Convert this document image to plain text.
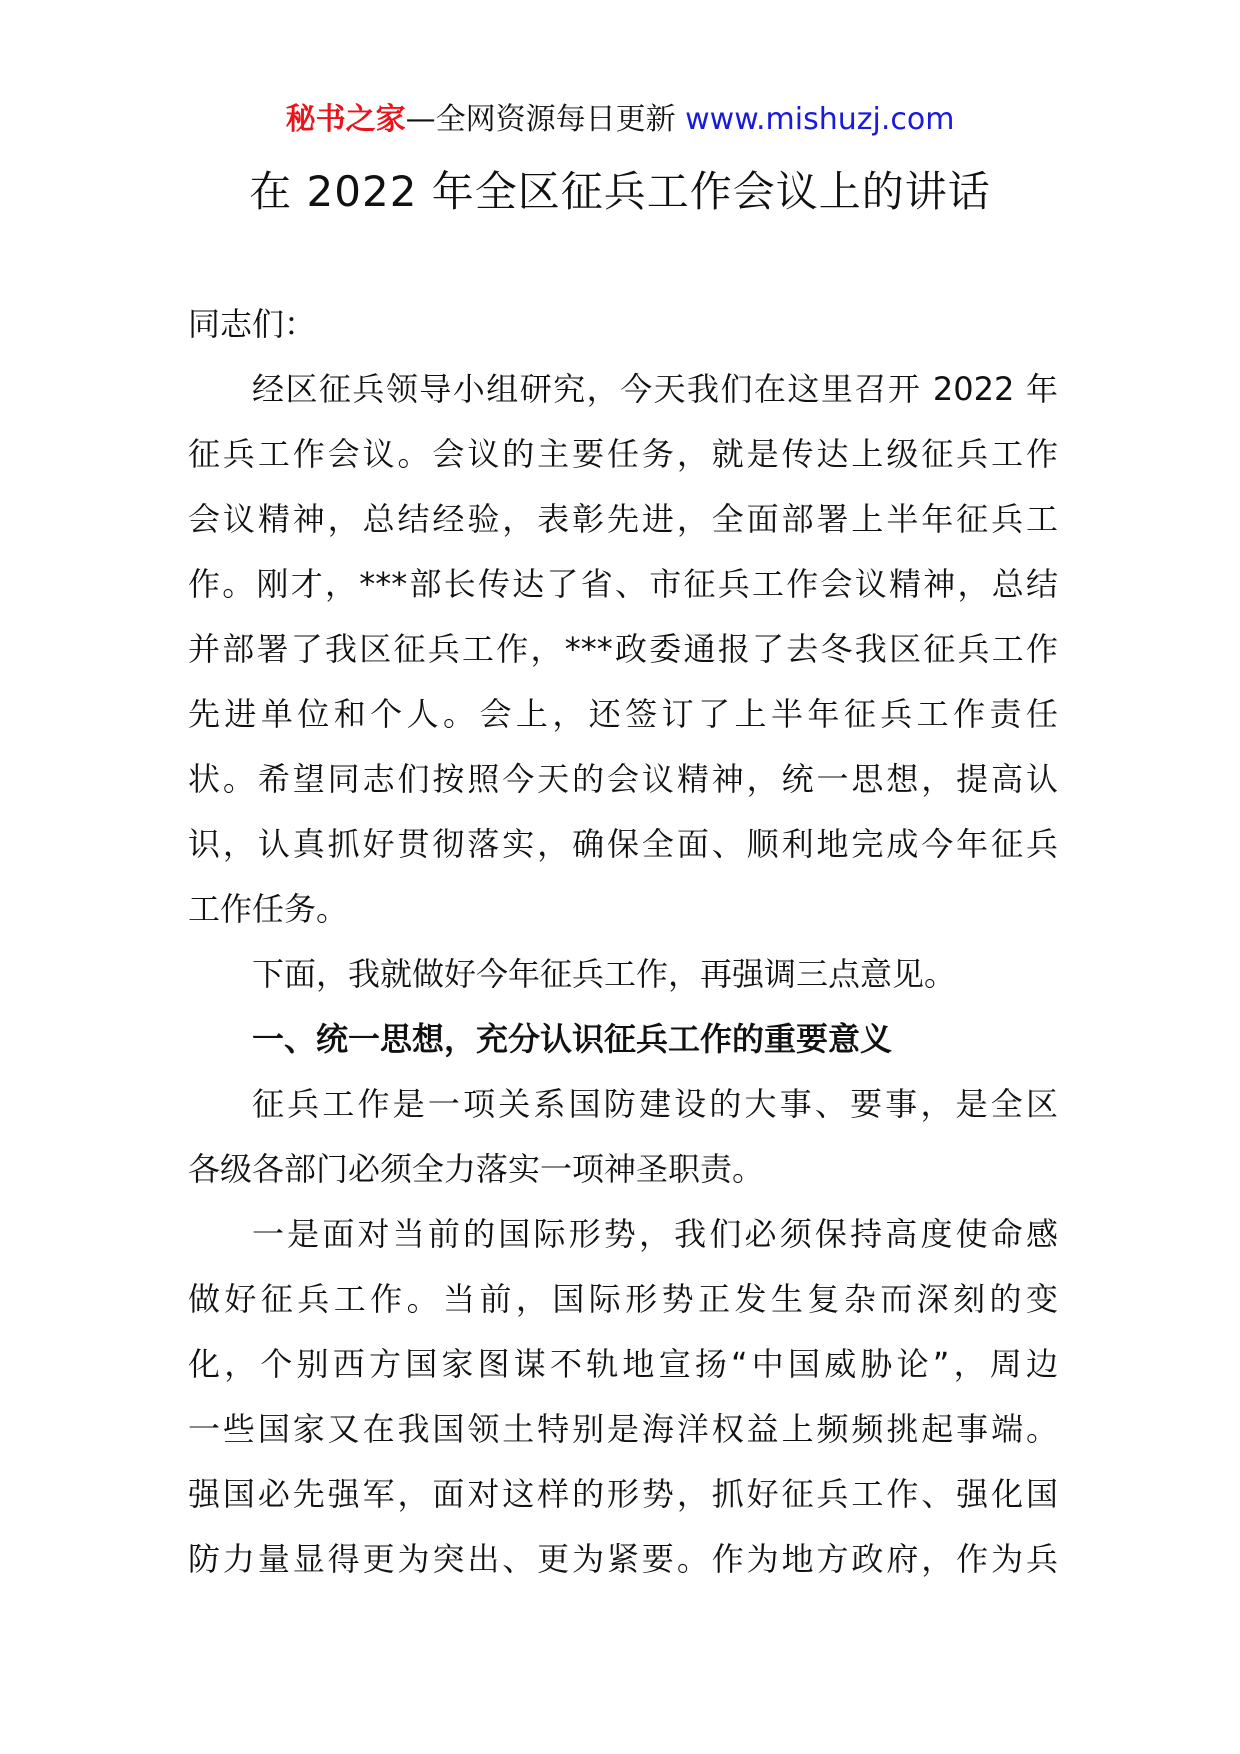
秘书之家—全网资源每日更新 www.mishuzj.com
在 2022 年全区征兵工作会议上的讲话
同志们：
经区征兵领导小组研究，今天我们在这里召开 2022 年
征兵工作会议。会议的主要任务，就是传达上级征兵工作
会议精神，总结经验，表彰先进，全面部署上半年征兵工
作。刚才，***部长传达了省、市征兵工作会议精神，总结
并部署了我区征兵工作，***政委通报了去冬我区征兵工作
先进单位和个人。会上，还签订了上半年征兵工作责任
状。希望同志们按照今天的会议精神，统一思想，提高认
识，认真抓好贯彻落实，确保全面、顺利地完成今年征兵
工作任务。
下面，我就做好今年征兵工作，再强调三点意见。
一、统一思想，充分认识征兵工作的重要意义
征兵工作是一项关系国防建设的大事、要事，是全区
各级各部门必须全力落实一项神圣职责。
一是面对当前的国际形势，我们必须保持高度使命感
做好征兵工作。当前，国际形势正发生复杂而深刻的变
化，个别西方国家图谋不轨地宣扬“中国威胁论”，周边
一些国家又在我国领土特别是海洋权益上频频挑起事端。
强国必先强军，面对这样的形势，抓好征兵工作、强化国
防力量显得更为突出、更为紧要。作为地方政府，作为兵
